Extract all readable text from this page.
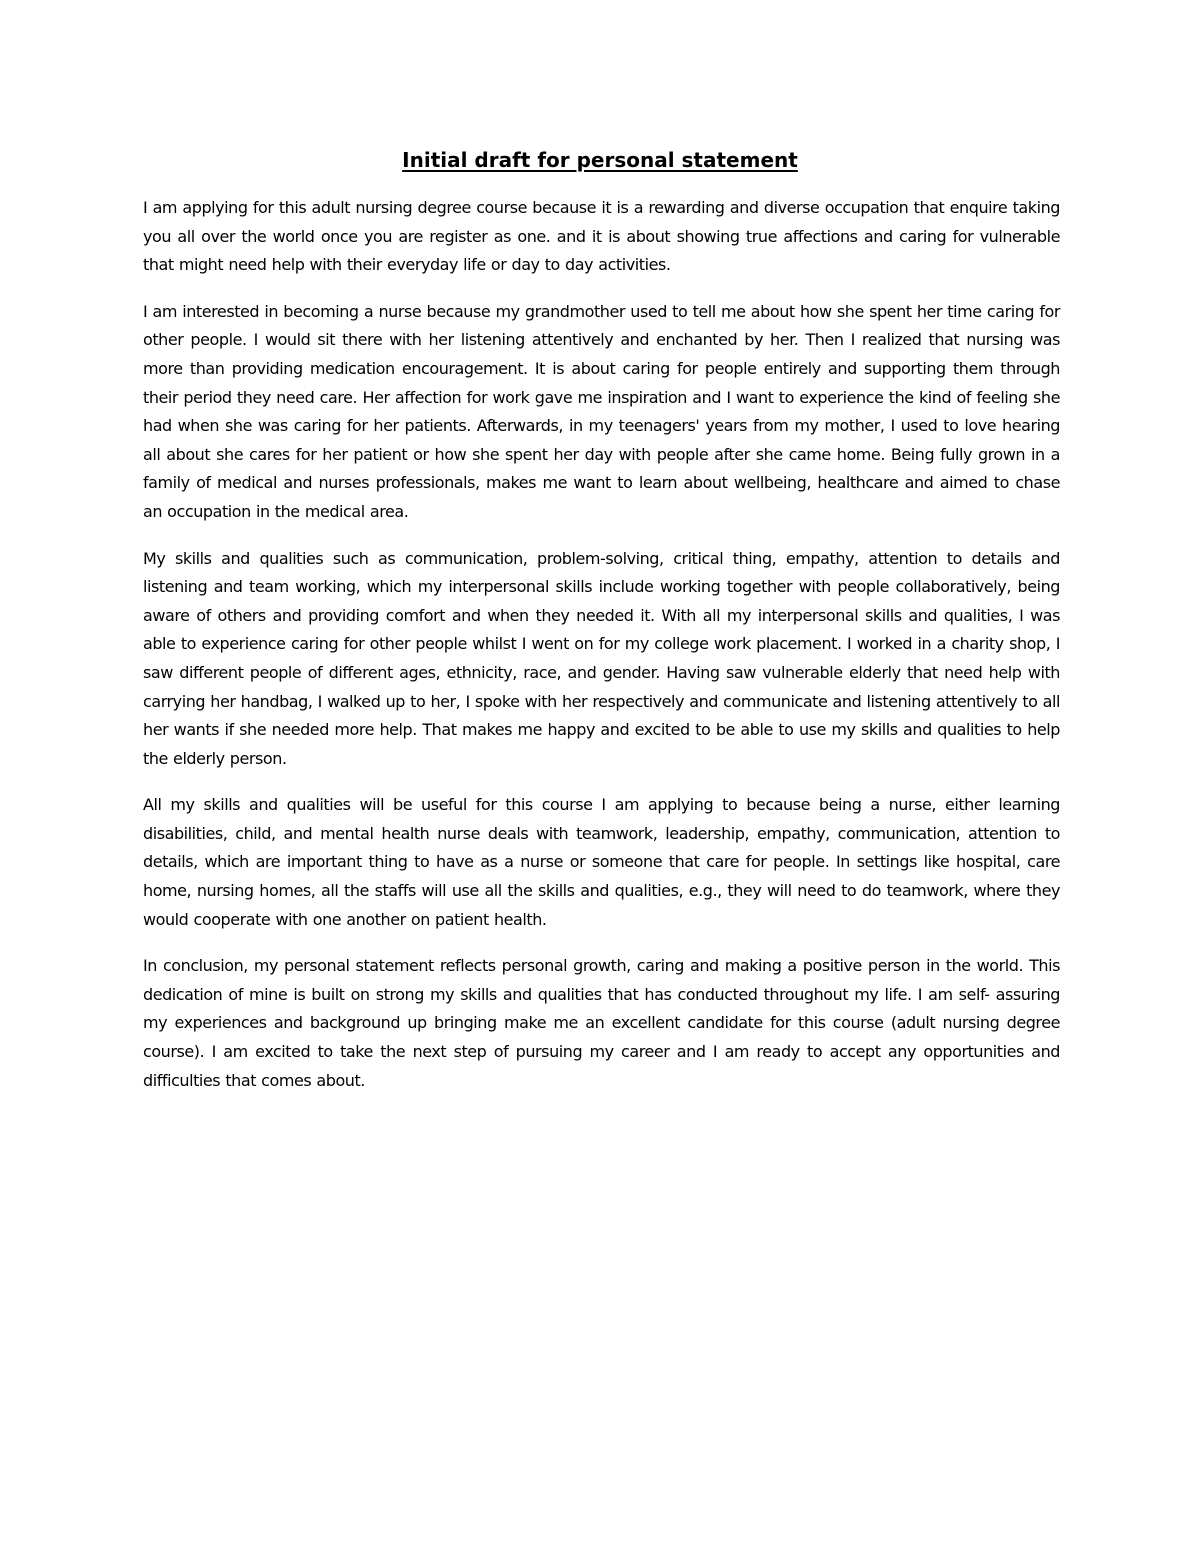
Initial draft for personal statement

I am applying for this adult nursing degree course because it is a rewarding and diverse occupation that enquire taking you all over the world once you are register as one. and it is about showing true affections and caring for vulnerable that might need help with their everyday life or day to day activities.

I am interested in becoming a nurse because my grandmother used to tell me about how she spent her time caring for other people. I would sit there with her listening attentively and enchanted by her. Then I realized that nursing was more than providing medication encouragement. It is about caring for people entirely and supporting them through their period they need care. Her affection for work gave me inspiration and I want to experience the kind of feeling she had when she was caring for her patients. Afterwards, in my teenagers' years from my mother, I used to love hearing all about she cares for her patient or how she spent her day with people after she came home. Being fully grown in a family of medical and nurses professionals, makes me want to learn about wellbeing, healthcare and aimed to chase an occupation in the medical area.

My skills and qualities such as communication, problem-solving, critical thing, empathy, attention to details and listening and team working, which my interpersonal skills include working together with people collaboratively, being aware of others and providing comfort and when they needed it. With all my interpersonal skills and qualities, I was able to experience caring for other people whilst I went on for my college work placement. I worked in a charity shop, I saw different people of different ages, ethnicity, race, and gender. Having saw vulnerable elderly that need help with carrying her handbag, I walked up to her, I spoke with her respectively and communicate and listening attentively to all her wants if she needed more help. That makes me happy and excited to be able to use my skills and qualities to help the elderly person.

All my skills and qualities will be useful for this course I am applying to because being a nurse, either learning disabilities, child, and mental health nurse deals with teamwork, leadership, empathy, communication, attention to details, which are important thing to have as a nurse or someone that care for people. In settings like hospital, care home, nursing homes, all the staffs will use all the skills and qualities, e.g., they will need to do teamwork, where they would cooperate with one another on patient health.

In conclusion, my personal statement reflects personal growth, caring and making a positive person in the world. This dedication of mine is built on strong my skills and qualities that has conducted throughout my life. I am self- assuring my experiences and background up bringing make me an excellent candidate for this course (adult nursing degree course). I am excited to take the next step of pursuing my career and I am ready to accept any opportunities and difficulties that comes about.
